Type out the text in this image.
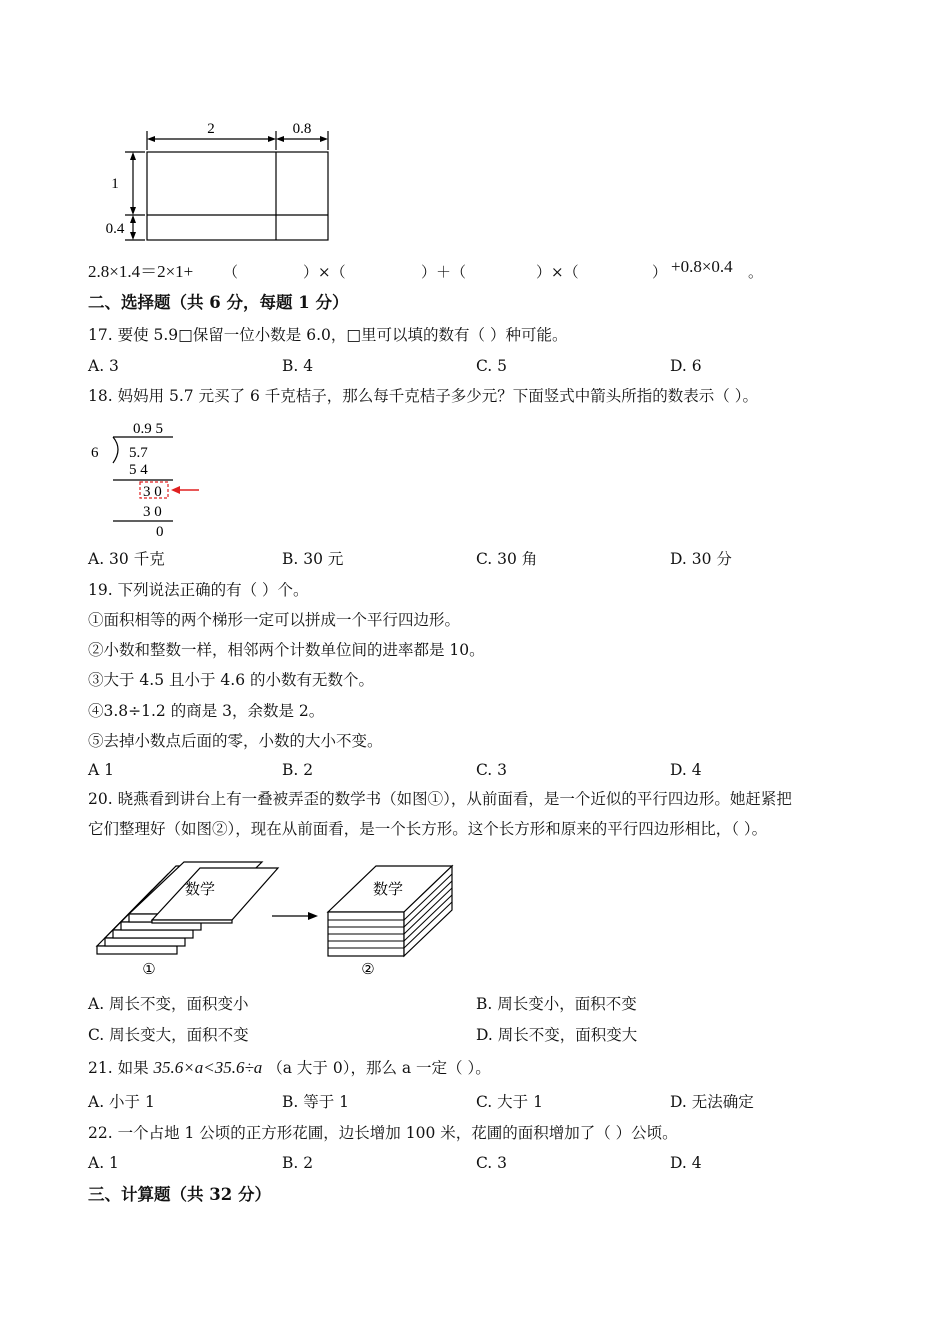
2	0.8
1
0.4
2.8×1.4＝2×1+ （	）×（	）＋（	）×（	） +0.8×0.4 。
二、选择题（共 6 分，每题 1 分）
17. 要使 5.9□保留一位小数是 6.0，□里可以填的数有（ ）种可能。
A. 3	B. 4	C. 5	D. 6
18. 妈妈用 5.7 元买了 6 千克桔子，那么每千克桔子多少元？下面竖式中箭头所指的数表示（ ）。
0.9 5
6 5.7
5 4
3 0
3 0
0
A. 30 千克	B. 30 元	C. 30 角	D. 30 分
19. 下列说法正确的有（ ）个。
①面积相等的两个梯形一定可以拼成一个平行四边形。
②小数和整数一样，相邻两个计数单位间的进率都是 10。
③大于 4.5 且小于 4.6 的小数有无数个。
④3.8÷1.2 的商是 3，余数是 2。
⑤去掉小数点后面的零，小数的大小不变。
A 1	B. 2	C. 3	D. 4
20. 晓燕看到讲台上有一叠被弄歪的数学书（如图①），从前面看，是一个近似的平行四边形。她赶紧把
它们整理好（如图②），现在从前面看，是一个长方形。这个长方形和原来的平行四边形相比，（ ）。
数学	数学
①	②
A. 周长不变，面积变小	B. 周长变小，面积不变
C. 周长变大，面积不变	D. 周长不变，面积变大
21. 如果 35.6×a<35.6÷a （a 大于 0），那么 a 一定（ ）。
A. 小于 1	B. 等于 1	C. 大于 1	D. 无法确定
22. 一个占地 1 公顷的正方形花圃，边长增加 100 米，花圃的面积增加了（ ）公顷。
A. 1	B. 2	C. 3	D. 4
三、计算题（共 32 分）
